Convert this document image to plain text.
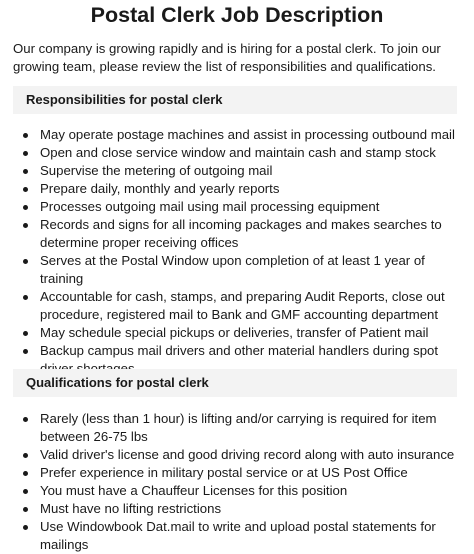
Postal Clerk Job Description

Our company is growing rapidly and is hiring for a postal clerk. To join our growing team, please review the list of responsibilities and qualifications.

Responsibilities for postal clerk
May operate postage machines and assist in processing outbound mail
Open and close service window and maintain cash and stamp stock
Supervise the metering of outgoing mail
Prepare daily, monthly and yearly reports
Processes outgoing mail using mail processing equipment
Records and signs for all incoming packages and makes searches to determine proper receiving offices
Serves at the Postal Window upon completion of at least 1 year of training
Accountable for cash, stamps, and preparing Audit Reports, close out procedure, registered mail to Bank and GMF accounting department
May schedule special pickups or deliveries, transfer of Patient mail
Backup campus mail drivers and other material handlers during spot
Qualifications for postal clerk
Rarely (less than 1 hour) is lifting and/or carrying is required for item between 26-75 lbs
Valid driver's license and good driving record along with auto insurance
Prefer experience in military postal service or at US Post Office
You must have a Chauffeur Licenses for this position
Must have no lifting restrictions
Use Windowbook Dat.mail to write and upload postal statements for mailings
